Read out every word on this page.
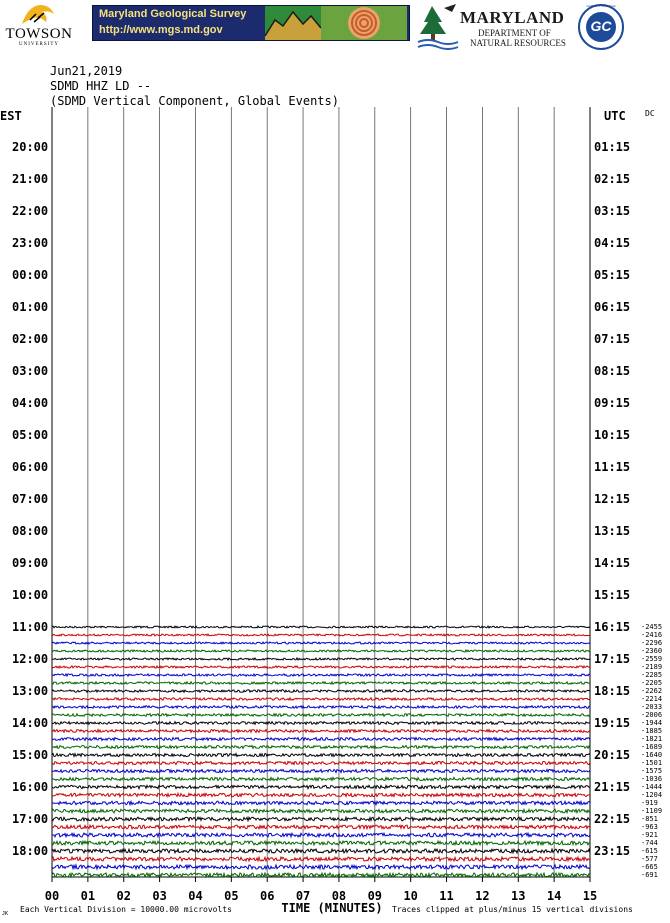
TOWSON
UNIVERSITY
Maryland Geological Survey
http://www.mgs.md.gov
MARYLAND
DEPARTMENT OF
NATURAL RESOURCES
GC
GARRETT COLLEGE
Jun21,2019
SDMD HHZ LD --
(SDMD Vertical Component, Global Events)
EST	UTC DC
20:00
21:00
22:00
23:00
00:00
01:00
02:00
03:00
04:00
05:00
06:00
07:00
08:00
09:00
10:00
11:00
12:00
13:00
14:00
15:00
16:00
17:00
18:00
01:15
02:15
03:15
04:15
05:15
06:15
07:15
08:15
09:15
10:15
11:15
12:15
13:15
14:15
15:15
16:15
17:15
18:15
19:15
20:15
21:15
22:15
23:15
-2455
-2416
-2296
-2360
-2559
-2189
-2285
-2205
-2262
-2214
-2033
-2006
-1944
-1885
-1821
-1689
-1640
-1501
-1575
-1036
-1444
-1204
-919
-1109
-851
-963
-921
-744
-615
-577
-665
-691
00 01 02 03 04 05 06 07 08 09 10 11 12 13 14 15
TIME (MINUTES)
Each Vertical Division = 10000.00 microvolts	Traces clipped at plus/minus 15 vertical divisions
JK
